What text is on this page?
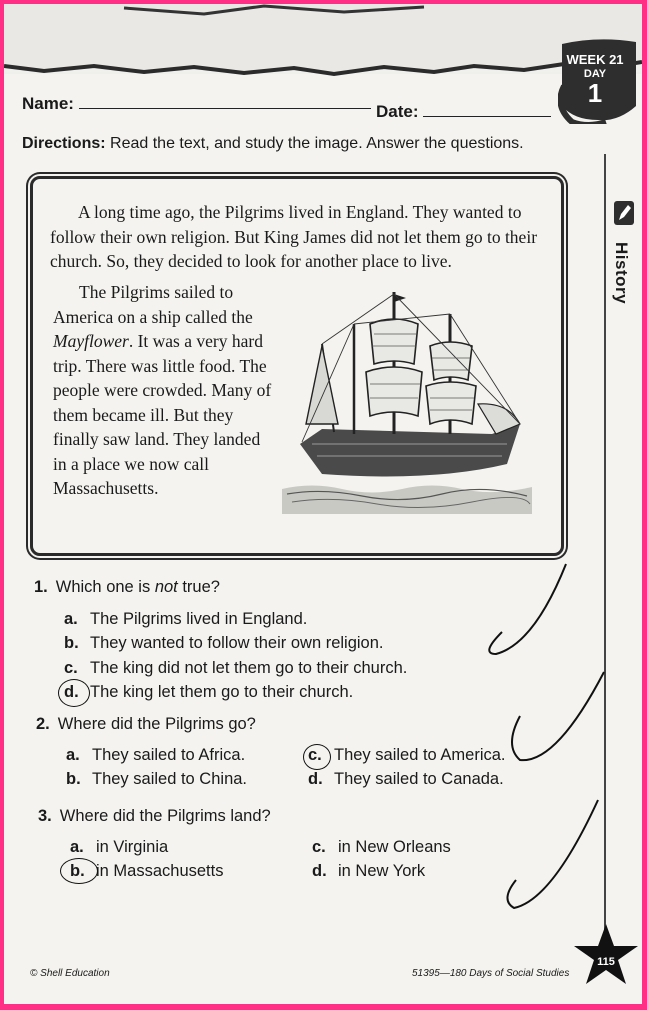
WEEK 21
DAY
1
History
Name:	Date:
Directions: Read the text, and study the image. Answer the questions.
A long time ago, the Pilgrims lived in England. They wanted to follow their own religion. But King James did not let them go to their church. So, they decided to look for another place to live.
The Pilgrims sailed to America on a ship called the Mayflower. It was a very hard trip. There was little food. The people were crowded. Many of them became ill. But they finally saw land. They landed in a place we now call Massachusetts.
1. Which one is not true?
a. The Pilgrims lived in England.
b. They wanted to follow their own religion.
c. The king did not let them go to their church.
d. The king let them go to their church.
2. Where did the Pilgrims go?
a. They sailed to Africa.
b. They sailed to China.
c. They sailed to America.
d. They sailed to Canada.
3. Where did the Pilgrims land?
a. in Virginia
b. in Massachusetts
c. in New Orleans
d. in New York
© Shell Education	51395—180 Days of Social Studies
115
